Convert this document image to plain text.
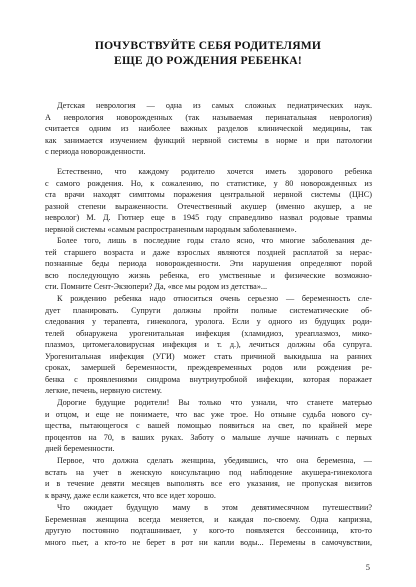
ПОЧУВСТВУЙТЕ СЕБЯ РОДИТЕЛЯМИ
ЕЩЕ ДО РОЖДЕНИЯ РЕБЕНКА!
Детская неврология — одна из самых сложных педиатрических наук.
А неврология новорожденных (так называемая перинатальная неврология)
считается одним из наиболее важных разделов клинической медицины, так
как занимается изучением функций нервной системы в норме и при патологии
с периода новорожденности.
Естественно, что каждому родителю хочется иметь здорового ребенка
с самого рождения. Но, к сожалению, по статистике, у 80 новорожденных из
ста врачи находят симптомы поражения центральной нервной системы (ЦНС)
разной степени выраженности. Отечественный акушер (именно акушер, а не
невролог) М. Д. Гютнер еще в 1945 году справедливо назвал родовые травмы
нервной системы «самым распространенным народным заболеванием».
Более того, лишь в последние годы стало ясно, что многие заболевания де-
тей старшего возраста и даже взрослых являются поздней расплатой за нерас-
познанные беды периода новорожденности. Эти нарушения определяют порой
всю последующую жизнь ребенка, его умственные и физические возможно-
сти. Помните Сент-Экзюпери? Да, «все мы родом из детства»...
К рождению ребенка надо относиться очень серьезно — беременность сле-
дует планировать. Супруги должны пройти полные систематические об-
следования у терапевта, гинеколога, уролога. Если у одного из будущих роди-
телей обнаружена урогенитальная инфекция (хламидиоз, уреаплазмоз, мико-
плазмоз, цитомегаловирусная инфекция и т. д.), лечиться должны оба супруга.
Урогенитальная инфекция (УГИ) может стать причиной выкидыша на ранних
сроках, замершей беременности, преждевременных родов или рождения ре-
бенка с проявлениями синдрома внутриутробной инфекции, которая поражает
легкие, печень, нервную систему.
Дорогие будущие родители! Вы только что узнали, что станете матерью
и отцом, и еще не понимаете, что вас уже трое. Но отныне судьба нового су-
щества, пытающегося с вашей помощью появиться на свет, по крайней мере
процентов на 70, в ваших руках. Заботу о малыше лучше начинать с первых
дней беременности.
Первое, что должна сделать женщина, убедившись, что она беременна, —
встать на учет в женскую консультацию под наблюдение акушера-гинеколога
и в течение девяти месяцев выполнять все его указания, не пропуская визитов
к врачу, даже если кажется, что все идет хорошо.
Что ожидает будущую маму в этом девятимесячном путешествии?
Беременная женщина всегда меняется, и каждая по-своему. Одна капризна,
другую постоянно подташнивает, у кого-то появляется бессонница, кто-то
много пьет, а кто-то не берет в рот ни капли воды... Перемены в самочувствии,
5
